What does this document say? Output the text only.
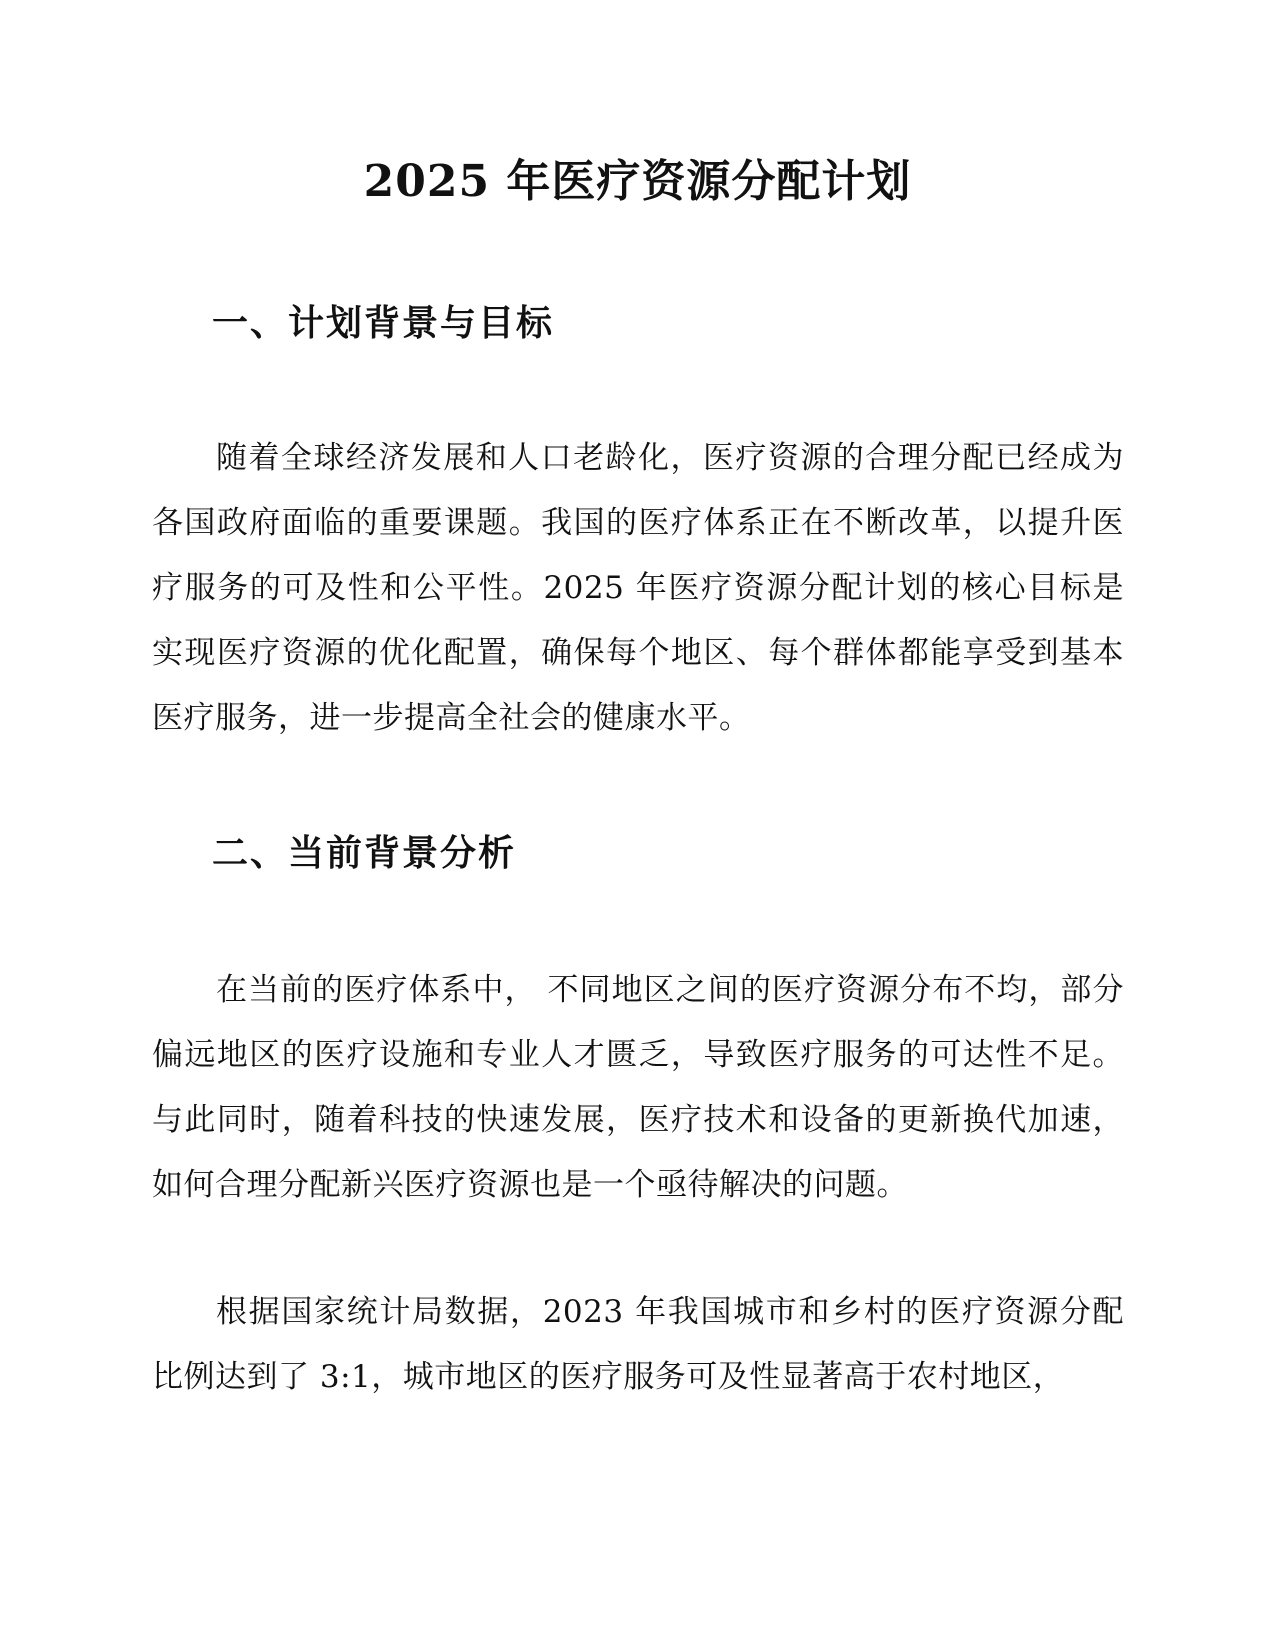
2025 年医疗资源分配计划
一、计划背景与目标

随着全球经济发展和人口老龄化，医疗资源的合理分配已经成为各国政府面临的重要课题。我国的医疗体系正在不断改革，以提升医疗服务的可及性和公平性。2025 年医疗资源分配计划的核心目标是实现医疗资源的优化配置，确保每个地区、每个群体都能享受到基本医疗服务，进一步提高全社会的健康水平。

二、当前背景分析

在当前的医疗体系中， 不同地区之间的医疗资源分布不均，部分偏远地区的医疗设施和专业人才匮乏，导致医疗服务的可达性不足。与此同时，随着科技的快速发展，医疗技术和设备的更新换代加速，如何合理分配新兴医疗资源也是一个亟待解决的问题。

根据国家统计局数据，2023 年我国城市和乡村的医疗资源分配比例达到了 3:1，城市地区的医疗服务可及性显著高于农村地区，
